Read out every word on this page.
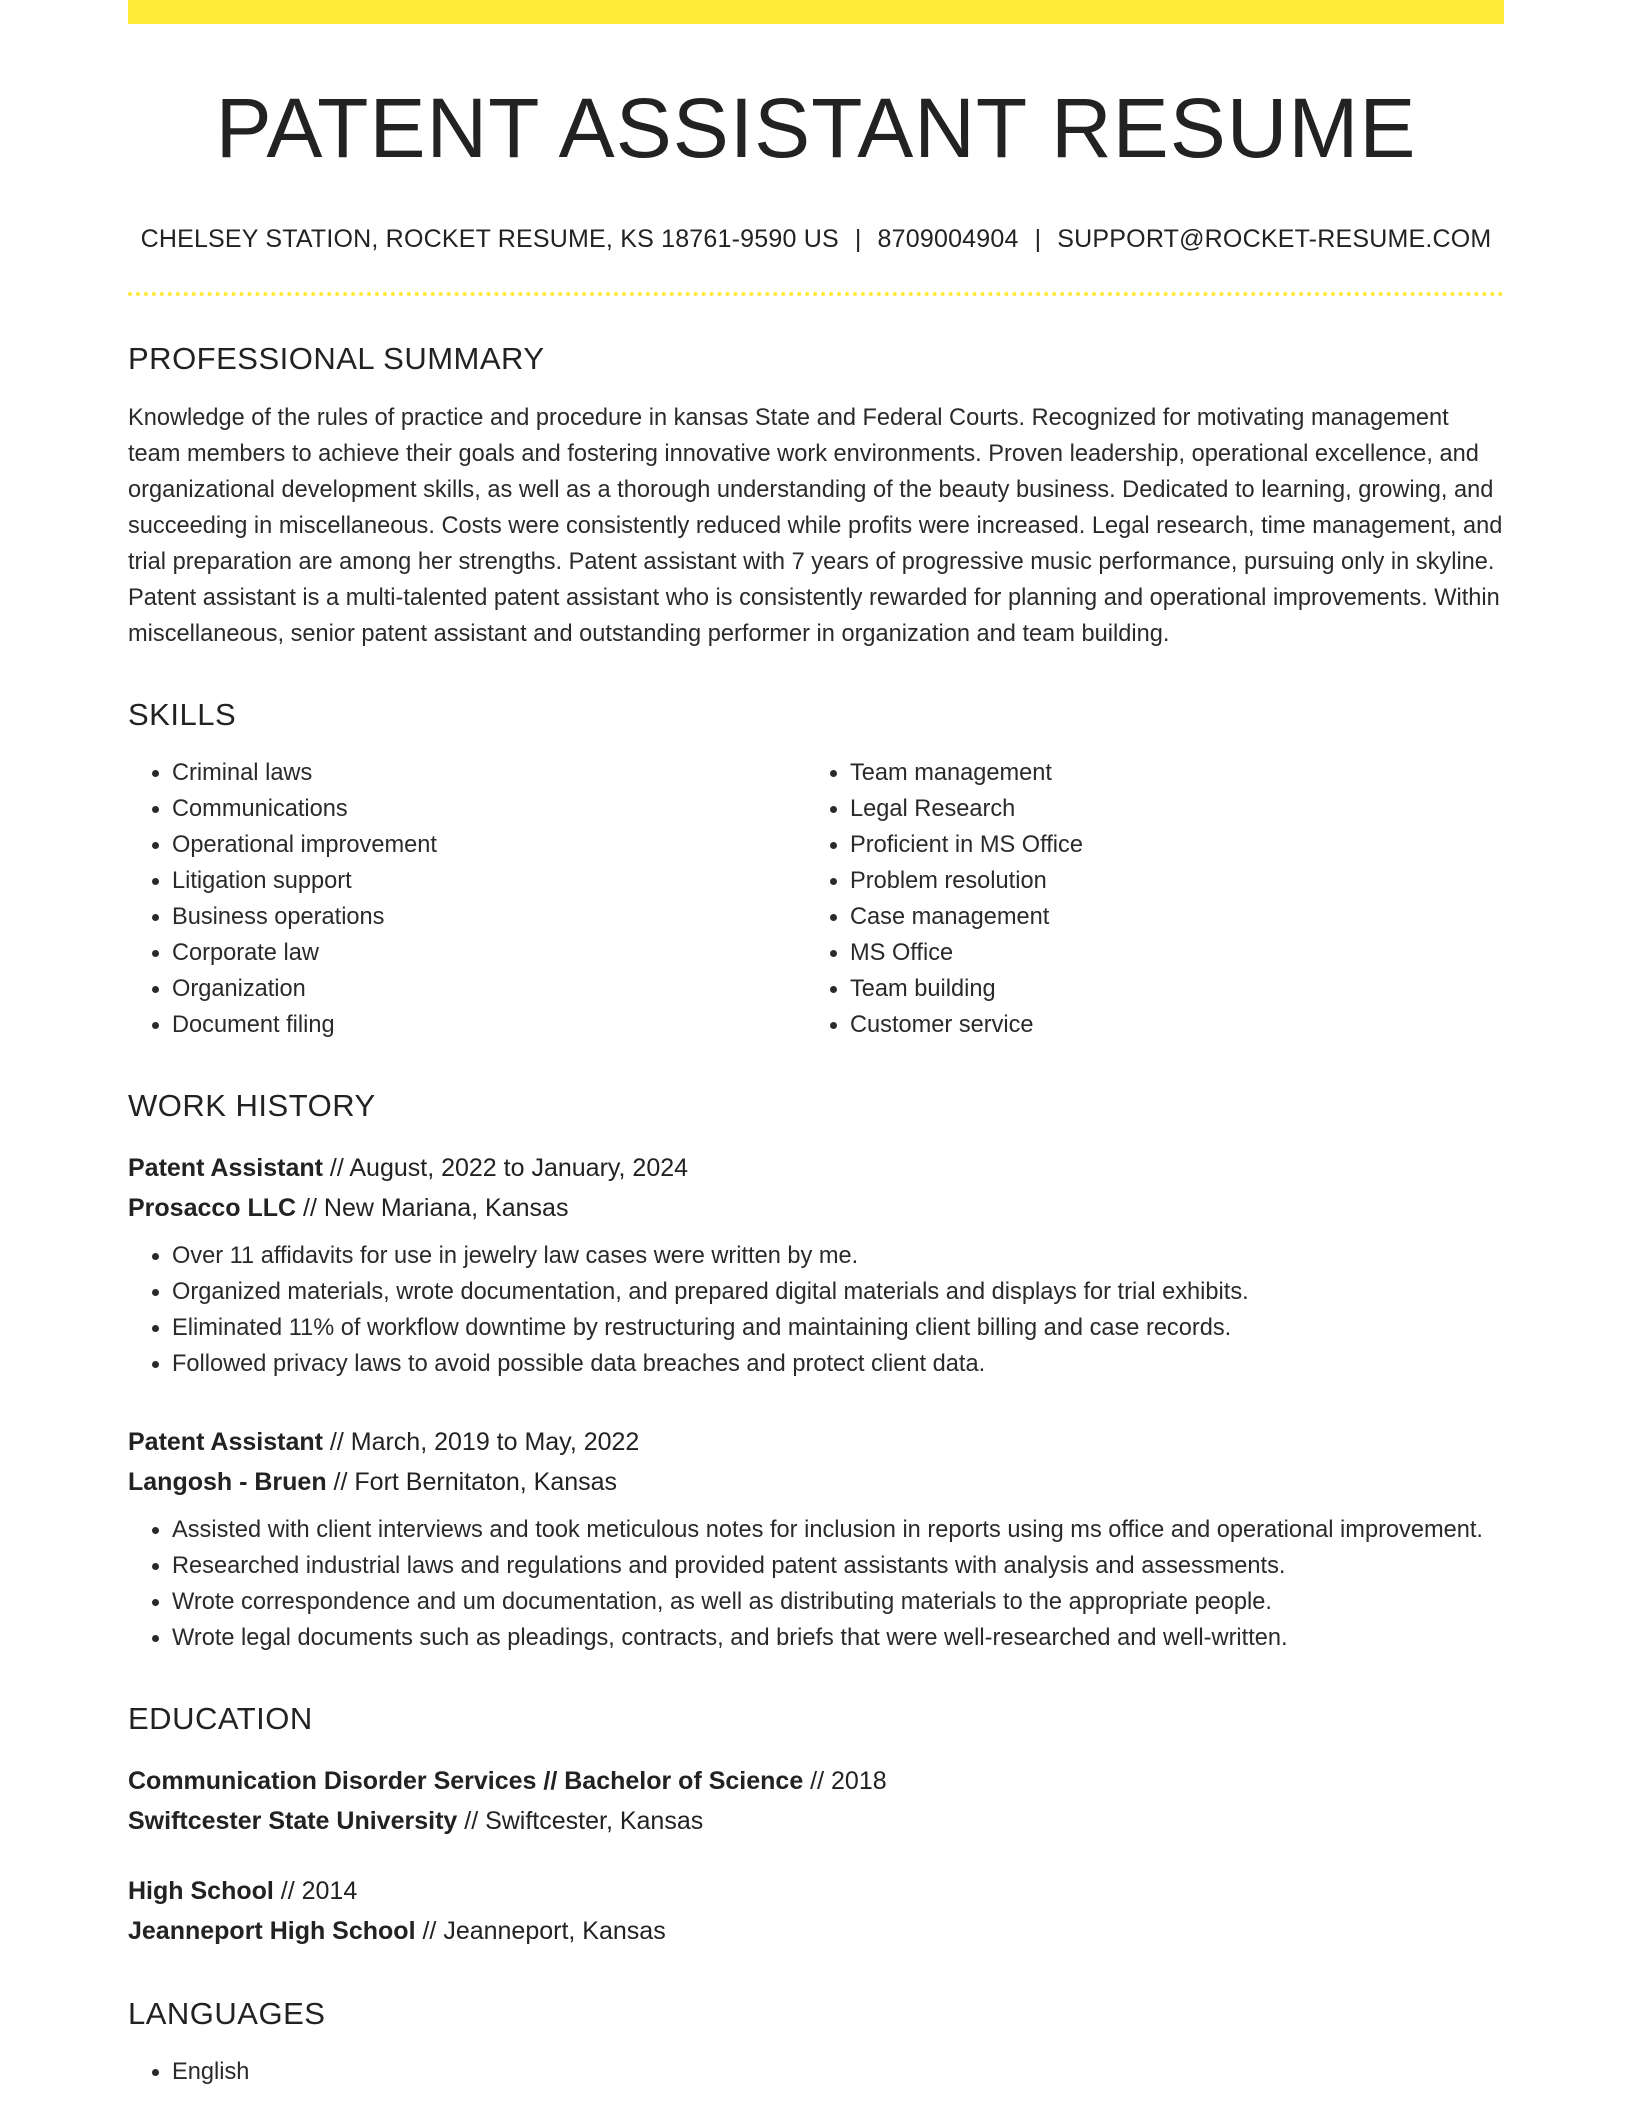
PATENT ASSISTANT RESUME
CHELSEY STATION, ROCKET RESUME, KS 18761-9590 US | 8709004904 | SUPPORT@ROCKET-RESUME.COM
PROFESSIONAL SUMMARY
Knowledge of the rules of practice and procedure in kansas State and Federal Courts. Recognized for motivating management team members to achieve their goals and fostering innovative work environments. Proven leadership, operational excellence, and organizational development skills, as well as a thorough understanding of the beauty business. Dedicated to learning, growing, and succeeding in miscellaneous. Costs were consistently reduced while profits were increased. Legal research, time management, and trial preparation are among her strengths. Patent assistant with 7 years of progressive music performance, pursuing only in skyline. Patent assistant is a multi-talented patent assistant who is consistently rewarded for planning and operational improvements. Within miscellaneous, senior patent assistant and outstanding performer in organization and team building.
SKILLS
• Criminal laws
• Communications
• Operational improvement
• Litigation support
• Business operations
• Corporate law
• Organization
• Document filing
• Team management
• Legal Research
• Proficient in MS Office
• Problem resolution
• Case management
• MS Office
• Team building
• Customer service
WORK HISTORY
Patent Assistant // August, 2022 to January, 2024
Prosacco LLC // New Mariana, Kansas
• Over 11 affidavits for use in jewelry law cases were written by me.
• Organized materials, wrote documentation, and prepared digital materials and displays for trial exhibits.
• Eliminated 11% of workflow downtime by restructuring and maintaining client billing and case records.
• Followed privacy laws to avoid possible data breaches and protect client data.
Patent Assistant // March, 2019 to May, 2022
Langosh - Bruen // Fort Bernitaton, Kansas
• Assisted with client interviews and took meticulous notes for inclusion in reports using ms office and operational improvement.
• Researched industrial laws and regulations and provided patent assistants with analysis and assessments.
• Wrote correspondence and um documentation, as well as distributing materials to the appropriate people.
• Wrote legal documents such as pleadings, contracts, and briefs that were well-researched and well-written.
EDUCATION
Communication Disorder Services // Bachelor of Science // 2018
Swiftcester State University // Swiftcester, Kansas
High School // 2014
Jeanneport High School // Jeanneport, Kansas
LANGUAGES
• English
